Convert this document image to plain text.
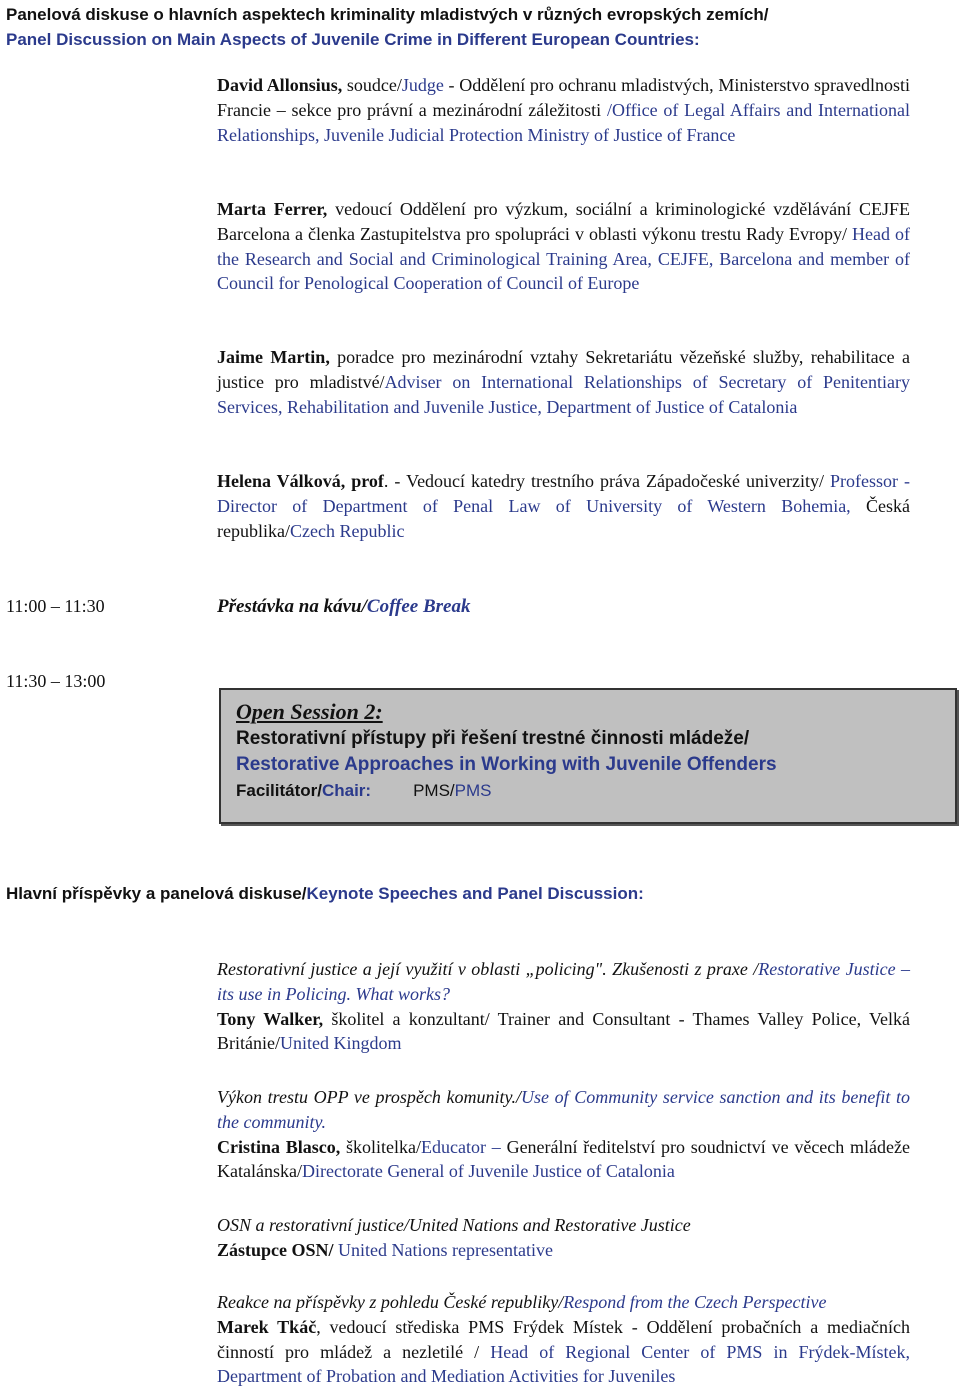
Panelová diskuse o hlavních aspektech kriminality mladistvých v různých evropských zemích/
Panel Discussion on Main Aspects of Juvenile Crime in Different European Countries:
David Allonsius, soudce/Judge - Oddělení pro ochranu mladistvých, Ministerstvo spravedlnosti Francie – sekce pro právní a mezinárodní záležitosti /Office of Legal Affairs and International Relationships, Juvenile Judicial Protection Ministry of Justice of France
Marta Ferrer, vedoucí Oddělení pro výzkum, sociální a kriminologické vzdělávání CEJFE Barcelona a členka Zastupitelstva pro spolupráci v oblasti výkonu trestu Rady Evropy/ Head of the Research and Social and Criminological Training Area, CEJFE, Barcelona and member of Council for Penological Cooperation of Council of Europe
Jaime Martin, poradce pro mezinárodní vztahy Sekretariátu vězeňské služby, rehabilitace a justice pro mladistvé/Adviser on International Relationships of Secretary of Penitentiary Services, Rehabilitation and Juvenile Justice, Department of Justice of Catalonia
Helena Válková, prof. - Vedoucí katedry trestního práva Západočeské univerzity/ Professor - Director of Department of Penal Law of University of Western Bohemia, Česká republika/Czech Republic
11:00 – 11:30	Přestávka na kávu/Coffee Break
11:30 – 13:00
Open Session 2:
Restorativní přístupy při řešení trestné činnosti mládeže/
Restorative Approaches in Working with Juvenile Offenders
Facilitátor/Chair: PMS/PMS
Hlavní příspěvky a panelová diskuse/Keynote Speeches and Panel Discussion:
Restorativní justice a její využití v oblasti „policing". Zkušenosti z praxe /Restorative Justice – its use in Policing. What works?
Tony Walker, školitel a konzultant/ Trainer and Consultant - Thames Valley Police, Velká Británie/United Kingdom
Výkon trestu OPP ve prospěch komunity./Use of Community service sanction and its benefit to the community.
Cristina Blasco, školitelka/Educator – Generální ředitelství pro soudnictví ve věcech mládeže Katalánska/Directorate General of Juvenile Justice of Catalonia
OSN a restorativní justice/United Nations and Restorative Justice
Zástupce OSN/ United Nations representative
Reakce na příspěvky z pohledu České republiky/Respond from the Czech Perspective
Marek Tkáč, vedoucí střediska PMS Frýdek Místek - Oddělení probačních a mediačních činností pro mládež a nezletilé / Head of Regional Center of PMS in Frýdek-Místek, Department of Probation and Mediation Activities for Juveniles
